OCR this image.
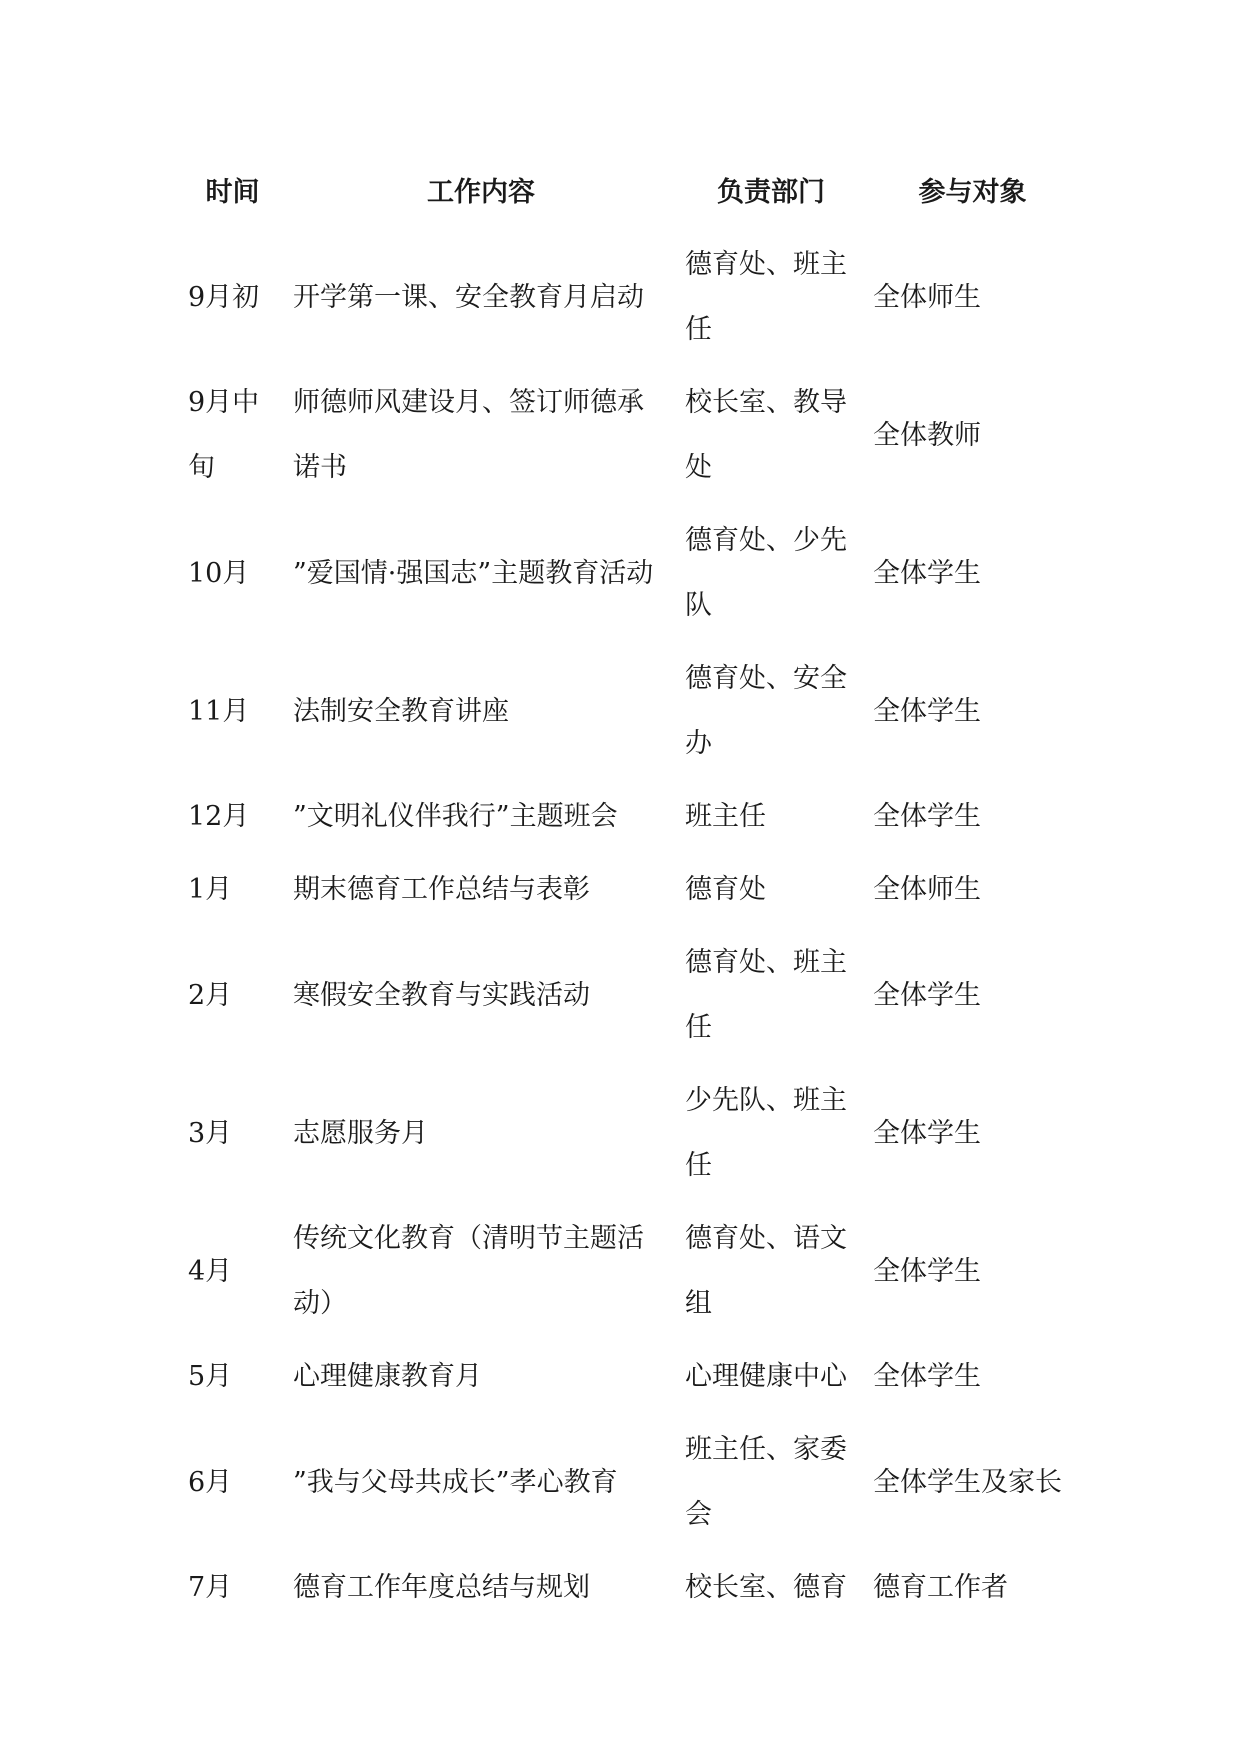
时间	工作内容	负责部门	参与对象
9月初	开学第一课、安全教育月启动	德育处、班主任	全体师生
9月中旬	师德师风建设月、签订师德承诺书	校长室、教导处	全体教师
10月	”爱国情·强国志”主题教育活动	德育处、少先队	全体学生
11月	法制安全教育讲座	德育处、安全办	全体学生
12月	”文明礼仪伴我行”主题班会	班主任	全体学生
1月	期末德育工作总结与表彰	德育处	全体师生
2月	寒假安全教育与实践活动	德育处、班主任	全体学生
3月	志愿服务月	少先队、班主任	全体学生
4月	传统文化教育（清明节主题活动）	德育处、语文组	全体学生
5月	心理健康教育月	心理健康中心	全体学生
6月	”我与父母共成长”孝心教育	班主任、家委会	全体学生及家长
7月	德育工作年度总结与规划	校长室、德育	德育工作者
